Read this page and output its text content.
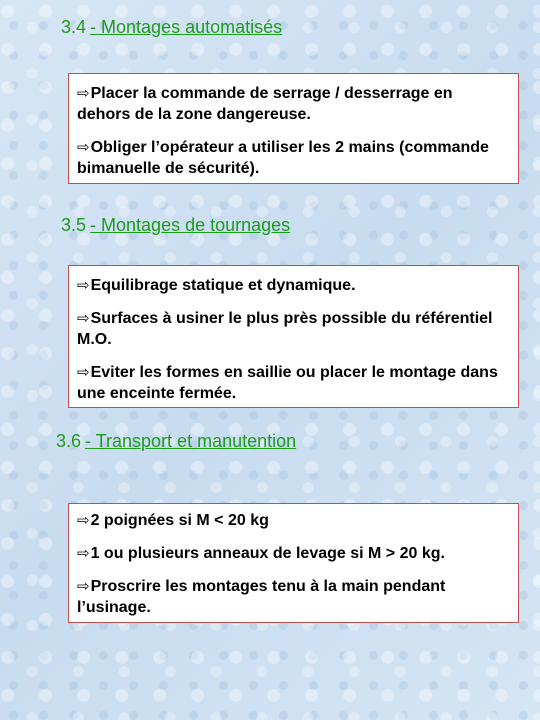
3.4 - Montages automatisés
⇨Placer la commande de serrage / desserrage en dehors de la zone dangereuse.
⇨Obliger l’opérateur a utiliser les 2 mains (commande bimanuelle de sécurité).
3.5 - Montages de tournages
⇨Equilibrage statique et dynamique.
⇨Surfaces à usiner le plus près possible du référentiel M.O.
⇨Eviter les formes en saillie ou placer le montage dans une enceinte fermée.
3.6 - Transport et manutention
⇨2 poignées si M < 20 kg
⇨1 ou plusieurs anneaux de levage si M > 20 kg.
⇨Proscrire les montages tenu à la main pendant l’usinage.
